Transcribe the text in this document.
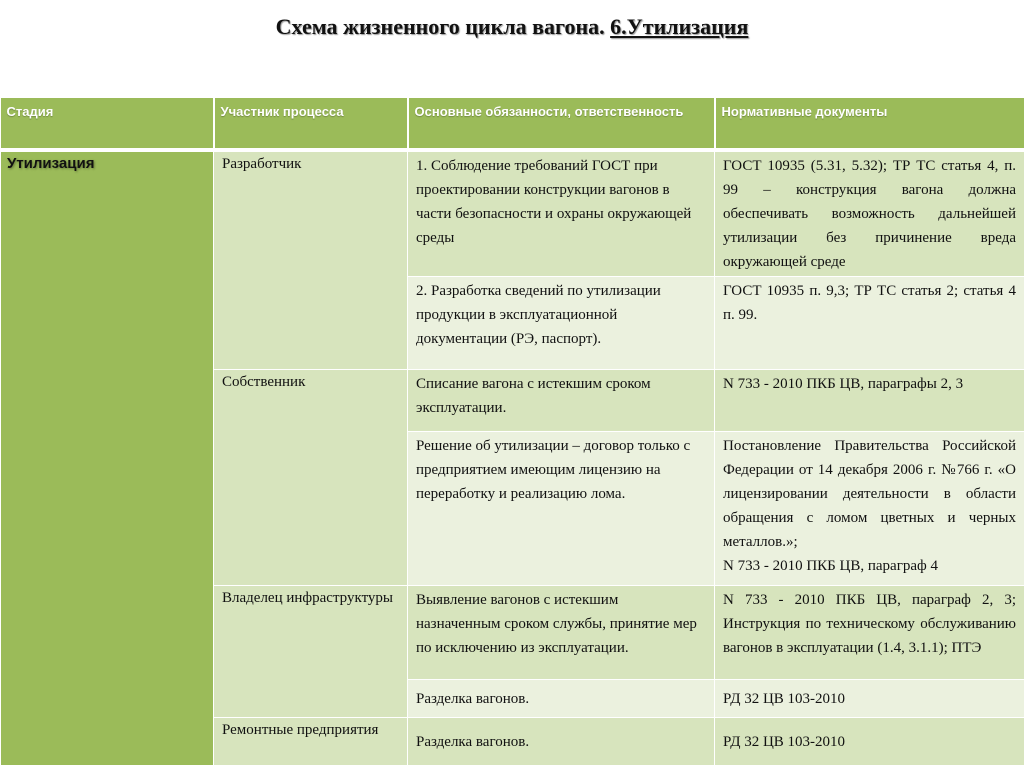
Схема жизненного цикла вагона. 6.Утилизация
Стадия	Участник процесса	Основные обязанности, ответственность	Нормативные документы
Утилизация	Разработчик	1. Соблюдение требований ГОСТ при проектировании конструкции вагонов в части безопасности и охраны окружающей среды	ГОСТ 10935 (5.31, 5.32); ТР ТС статья 4, п. 99 – конструкция вагона должна обеспечивать возможность дальнейшей утилизации без причинение вреда окружающей среде
		2. Разработка сведений по утилизации продукции в эксплуатационной документации (РЭ, паспорт).	ГОСТ 10935 п. 9,3; ТР ТС статья 2; статья 4 п. 99.
	Собственник	Списание вагона с истекшим сроком эксплуатации.	N 733 - 2010 ПКБ ЦВ, параграфы 2, 3
		Решение об утилизации – договор только с предприятием имеющим лицензию на переработку и реализацию лома.	Постановление Правительства Российской Федерации от 14 декабря 2006 г. №766 г. «О лицензировании деятельности в области обращения с ломом цветных и черных металлов.»;
N 733 - 2010 ПКБ ЦВ, параграф 4

	Владелец инфраструктуры	Выявление вагонов с истекшим назначенным сроком службы, принятие мер по исключению из эксплуатации.	N 733 - 2010 ПКБ ЦВ, параграф 2, 3; Инструкция по техническому обслуживанию вагонов в эксплуатации (1.4, 3.1.1); ПТЭ
		Разделка вагонов.	РД 32 ЦВ 103-2010
	Ремонтные предприятия	Разделка вагонов.	РД 32 ЦВ 103-2010
